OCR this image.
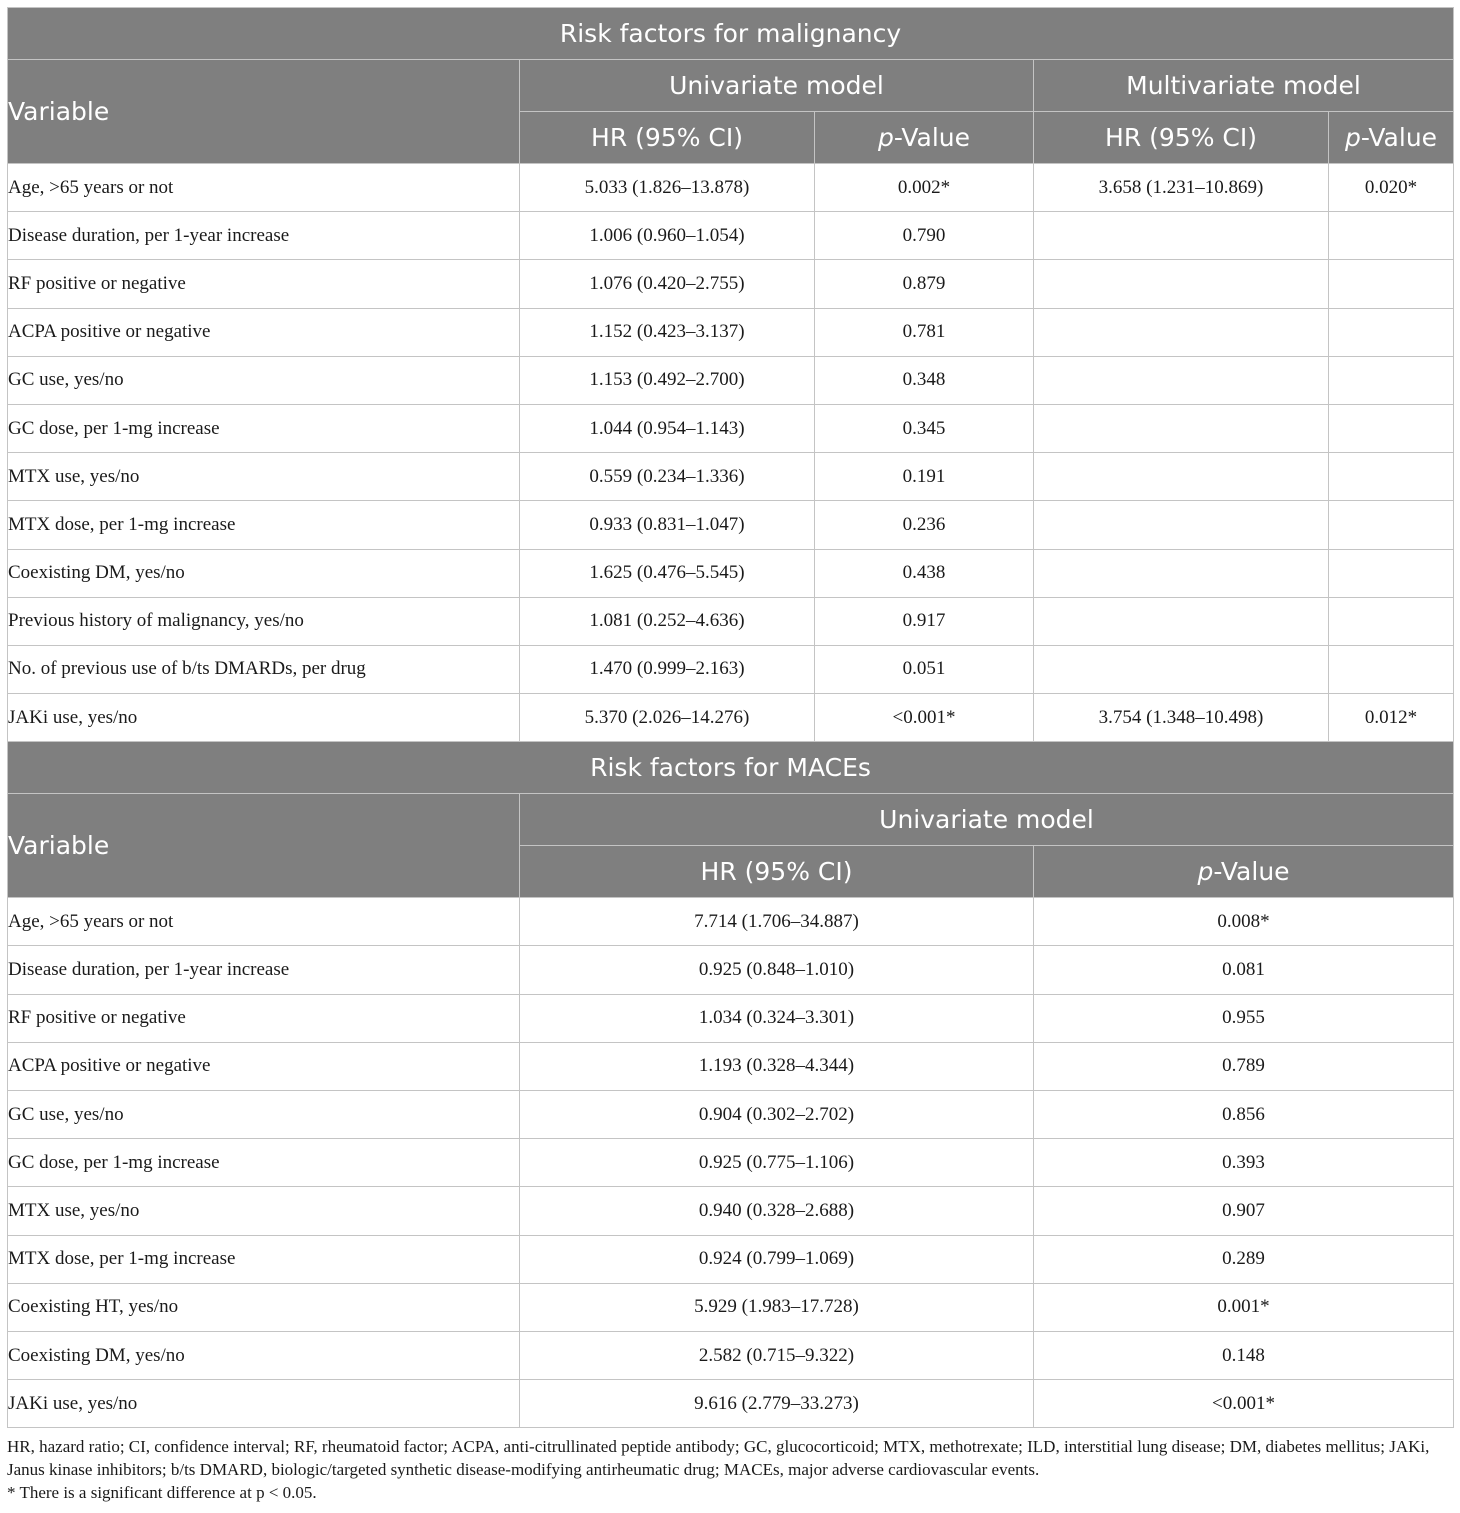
Risk factors for malignancy				
Variable	Univariate model		Multivariate model	
	HR (95% CI)	p-Value	HR (95% CI)	p-Value
Age, >65 years or not	5.033 (1.826–13.878)	0.002*	3.658 (1.231–10.869)	0.020*
Disease duration, per 1-year increase	1.006 (0.960–1.054)	0.790		
RF positive or negative	1.076 (0.420–2.755)	0.879		
ACPA positive or negative	1.152 (0.423–3.137)	0.781		
GC use, yes/no	1.153 (0.492–2.700)	0.348		
GC dose, per 1-mg increase	1.044 (0.954–1.143)	0.345		
MTX use, yes/no	0.559 (0.234–1.336)	0.191		
MTX dose, per 1-mg increase	0.933 (0.831–1.047)	0.236		
Coexisting DM, yes/no	1.625 (0.476–5.545)	0.438		
Previous history of malignancy, yes/no	1.081 (0.252–4.636)	0.917		
No. of previous use of b/ts DMARDs, per drug	1.470 (0.999–2.163)	0.051		
JAKi use, yes/no	5.370 (2.026–14.276)	<0.001*	3.754 (1.348–10.498)	0.012*
Risk factors for MACEs				
Variable	Univariate model			
	HR (95% CI)		p-Value	
Age, >65 years or not	7.714 (1.706–34.887)		0.008*	
Disease duration, per 1-year increase	0.925 (0.848–1.010)		0.081	
RF positive or negative	1.034 (0.324–3.301)		0.955	
ACPA positive or negative	1.193 (0.328–4.344)		0.789	
GC use, yes/no	0.904 (0.302–2.702)		0.856	
GC dose, per 1-mg increase	0.925 (0.775–1.106)		0.393	
MTX use, yes/no	0.940 (0.328–2.688)		0.907	
MTX dose, per 1-mg increase	0.924 (0.799–1.069)		0.289	
Coexisting HT, yes/no	5.929 (1.983–17.728)		0.001*	
Coexisting DM, yes/no	2.582 (0.715–9.322)		0.148	
JAKi use, yes/no	9.616 (2.779–33.273)		<0.001*	

HR, hazard ratio; CI, confidence interval; RF, rheumatoid factor; ACPA, anti-citrullinated peptide antibody; GC, glucocorticoid; MTX, methotrexate; ILD, interstitial lung disease; DM, diabetes mellitus; JAKi, Janus kinase inhibitors; b/ts DMARD, biologic/targeted synthetic disease-modifying antirheumatic drug; MACEs, major adverse cardiovascular events.

* There is a significant difference at p < 0.05.
